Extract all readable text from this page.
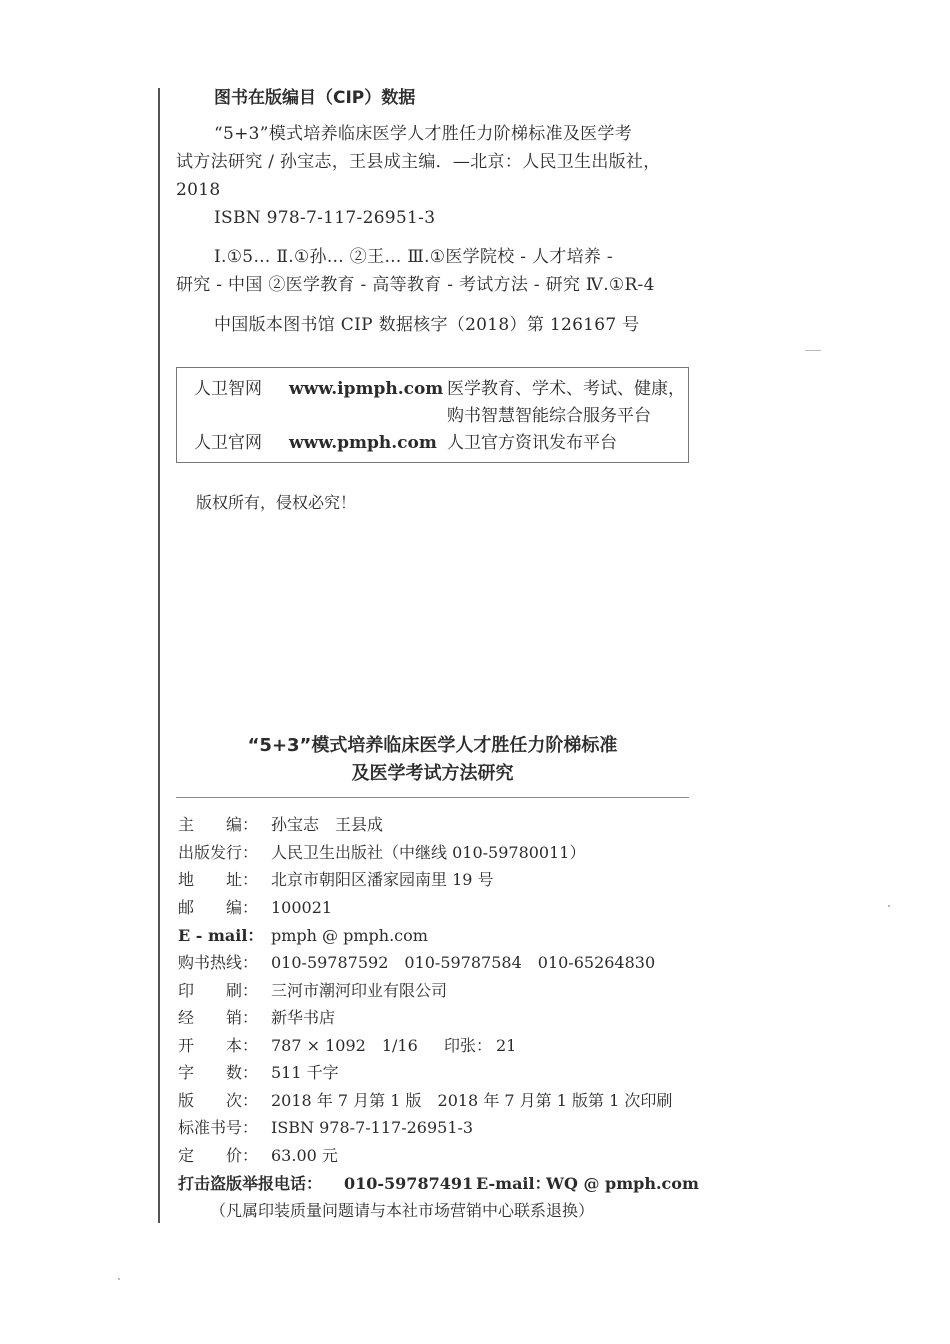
图书在版编目（CIP）数据
“5+3”模式培养临床医学人才胜任力阶梯标准及医学考
试方法研究 / 孙宝志，王县成主编．—北京：人民卫生出版社，
2018
ISBN 978-7-117-26951-3
Ⅰ.①5… Ⅱ.①孙… ②王… Ⅲ.①医学院校 - 人才培养 -
研究 - 中国 ②医学教育 - 高等教育 - 考试方法 - 研究 Ⅳ.①R-4
中国版本图书馆 CIP 数据核字（2018）第 126167 号
人卫智网 www.ipmph.com 医学教育、学术、考试、健康，
购书智慧智能综合服务平台
人卫官网 www.pmph.com 人卫官方资讯发布平台
版权所有，侵权必究！
“5+3”模式培养临床医学人才胜任力阶梯标准
及医学考试方法研究
主　　编： 孙宝志　王县成
出版发行： 人民卫生出版社（中继线 010-59780011）
地　　址： 北京市朝阳区潘家园南里 19 号
邮　　编： 100021
E - mail： pmph @ pmph.com
购书热线： 010-59787592　010-59787584　010-65264830
印　　刷： 三河市潮河印业有限公司
经　　销： 新华书店
开　　本： 787 × 1092　1/16 印张： 21
字　　数： 511 千字
版　　次： 2018 年 7 月第 1 版　2018 年 7 月第 1 版第 1 次印刷
标准书号： ISBN 978-7-117-26951-3
定　　价： 63.00 元
打击盗版举报电话： 010-59787491 E-mail：
WQ @ pmph.com
（凡属印装质量问题请与本社市场营销中心联系退换）
